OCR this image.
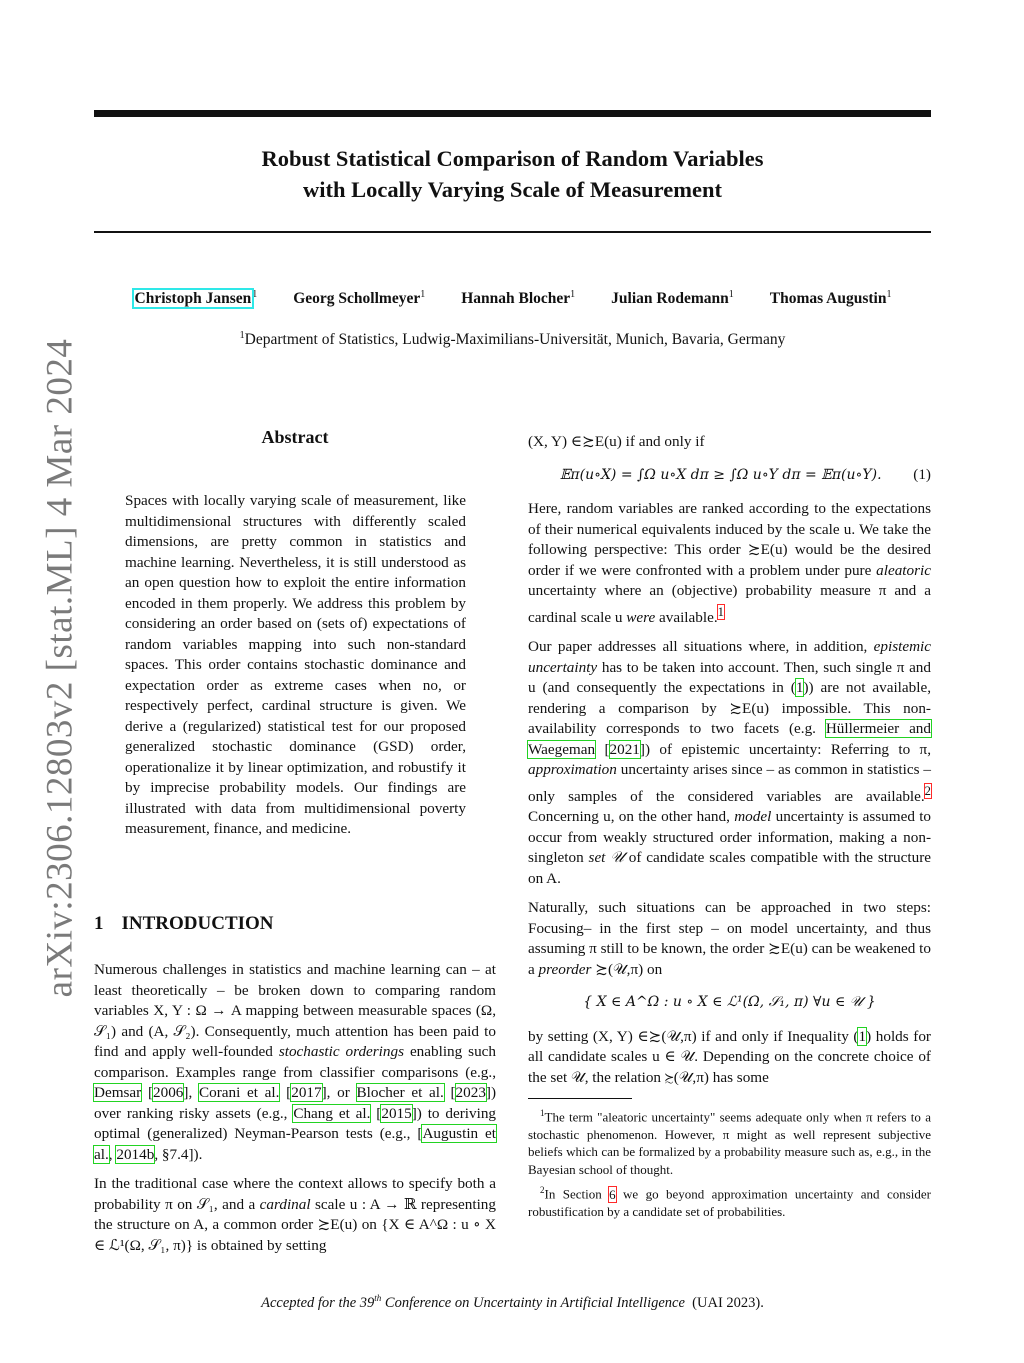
Robust Statistical Comparison of Random Variables
with Locally Varying Scale of Measurement
Christoph Jansen$^1$ Georg Schollmeyer$^1$ Hannah Blocher$^1$ Julian Rodemann$^1$ Thomas Augustin$^1$
$^1$Department of Statistics, Ludwig-Maximilians-Universität, Munich, Bavaria, Germany
arXiv:2306.12803v2 [stat.ML] 4 Mar 2024	Abstract

Spaces with locally varying scale of measurement, like multidimensional structures with differently scaled dimensions, are pretty common in statistics and machine learning. Nevertheless, it is still understood as an open question how to exploit the entire information encoded in them properly. We address this problem by considering an order based on (sets of) expectations of random variables mapping into such non-standard spaces. This order contains stochastic dominance and expectation order as extreme cases when no, or respectively perfect, cardinal structure is given. We derive a (regularized) statistical test for our proposed generalized stochastic dominance (GSD) order, operationalize it by linear optimization, and robustify it by imprecise probability models. Our findings are illustrated with data from multidimensional poverty measurement, finance, and medicine.

1 INTRODUCTION

Numerous challenges in statistics and machine learning can – at least theoretically – be broken down to comparing random variables X, Y : Ω → A mapping between measurable spaces (Ω, 𝒮₁) and (A, 𝒮₂). Consequently, much attention has been paid to find and apply well-founded stochastic orderings enabling such comparison. Examples range from classifier comparisons (e.g., Demsar [2006], Corani et al. [2017], or Blocher et al. [2023]) over ranking risky assets (e.g., Chang et al. [2015]) to deriving optimal (generalized) Neyman-Pearson tests (e.g., [Augustin et al., 2014b, §7.4]).

In the traditional case where the context allows to specify both a probability π on 𝒮₁, and a cardinal scale u : A → ℝ representing the structure on A, a common order ≿E(u) on {X ∈ A^Ω : u ∘ X ∈ ℒ¹(Ω, 𝒮₁, π)} is obtained by setting

(X, Y) ∈≿E(u) if and only if

𝔼π(u∘X) = ∫Ω u∘X dπ ≥ ∫Ω u∘Y dπ = 𝔼π(u∘Y). (1)

Here, random variables are ranked according to the expectations of their numerical equivalents induced by the scale u. We take the following perspective: This order ≿E(u) would be the desired order if we were confronted with a problem under pure aleatoric uncertainty where an (objective) probability measure π and a cardinal scale u were available.$^1$

Our paper addresses all situations where, in addition, epistemic uncertainty has to be taken into account. Then, such single π and u (and consequently the expectations in (1)) are not available, rendering a comparison by ≿E(u) impossible. This non-availability corresponds to two facets (e.g. Hüllermeier and Waegeman [2021]) of epistemic uncertainty: Referring to π, approximation uncertainty arises since – as common in statistics – only samples of the considered variables are available.$^2$ Concerning u, on the other hand, model uncertainty is assumed to occur from weakly structured order information, making a non-singleton set 𝒰 of candidate scales compatible with the structure on A.

Naturally, such situations can be approached in two steps: Focusing– in the first step – on model uncertainty, and thus assuming π still to be known, the order ≿E(u) can be weakened to a preorder ≿(𝒰,π) on

{ X ∈ A^Ω : u ∘ X ∈ ℒ¹(Ω, 𝒮₁, π) ∀u ∈ 𝒰 }

by setting (X, Y) ∈≿(𝒰,π) if and only if Inequality (1) holds for all candidate scales u ∈ 𝒰. Depending on the concrete choice of the set 𝒰, the relation ≿(𝒰,π) has some

$^1$The term "aleatoric uncertainty" seems adequate only when π refers to a stochastic phenomenon. However, π might as well represent subjective beliefs which can be formalized by a probability measure such as, e.g., in the Bayesian school of thought.

$^2$In Section 6 we go beyond approximation uncertainty and consider robustification by a candidate set of probabilities.

Accepted for the 39th Conference on Uncertainty in Artificial Intelligence (UAI 2023).
